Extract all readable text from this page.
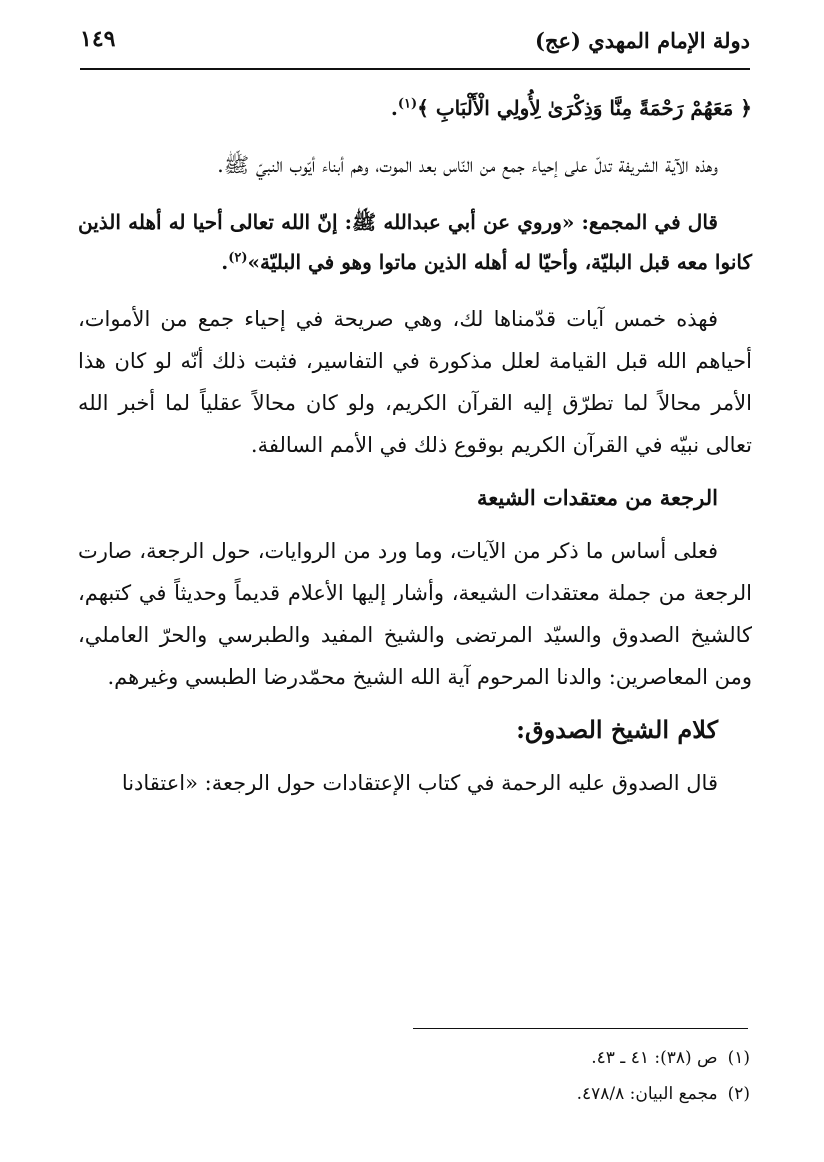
دولة الإمام المهدي (عج)
١٤٩

﴿ مَعَهُمْ رَحْمَةً مِنَّا وَذِكْرَىٰ لِأُولِي الْأَلْبَابِ ﴾$^{(١)}$.

وهذه الآية الشريفة تدلّ على إحياء جمع من النّاس بعد الموت، وهم أبناء أيّوب النبيّ ﷺ.

قال في المجمع: «وروي عن أبي عبدالله ﷺ: إنّ الله تعالى أحيا له أهله الذين كانوا معه قبل البليّة، وأحيّا له أهله الذين ماتوا وهو في البليّة»$^{(٢)}$.

فهذه خمس آيات قدّمناها لك، وهي صريحة في إحياء جمع من الأموات، أحياهم الله قبل القيامة لعلل مذكورة في التفاسير، فثبت ذلك أنّه لو كان هذا الأمر محالاً لما تطرّق إليه القرآن الكريم، ولو كان محالاً عقلياً لما أخبر الله تعالى نبيّه في القرآن الكريم بوقوع ذلك في الأمم السالفة.

الرجعة من معتقدات الشيعة

فعلى أساس ما ذكر من الآيات، وما ورد من الروايات، حول الرجعة، صارت الرجعة من جملة معتقدات الشيعة، وأشار إليها الأعلام قديماً وحديثاً في كتبهم، كالشيخ الصدوق والسيّد المرتضى والشيخ المفيد والطبرسي والحرّ العاملي، ومن المعاصرين: والدنا المرحوم آية الله الشيخ محمّدرضا الطبسي وغيرهم.

كلام الشيخ الصدوق:

قال الصدوق عليه الرحمة في كتاب الإعتقادات حول الرجعة: «اعتقادنا

(١)ص (٣٨): ٤١ ـ ٤٣.

(٢)مجمع البيان: ٤٧٨/٨.
